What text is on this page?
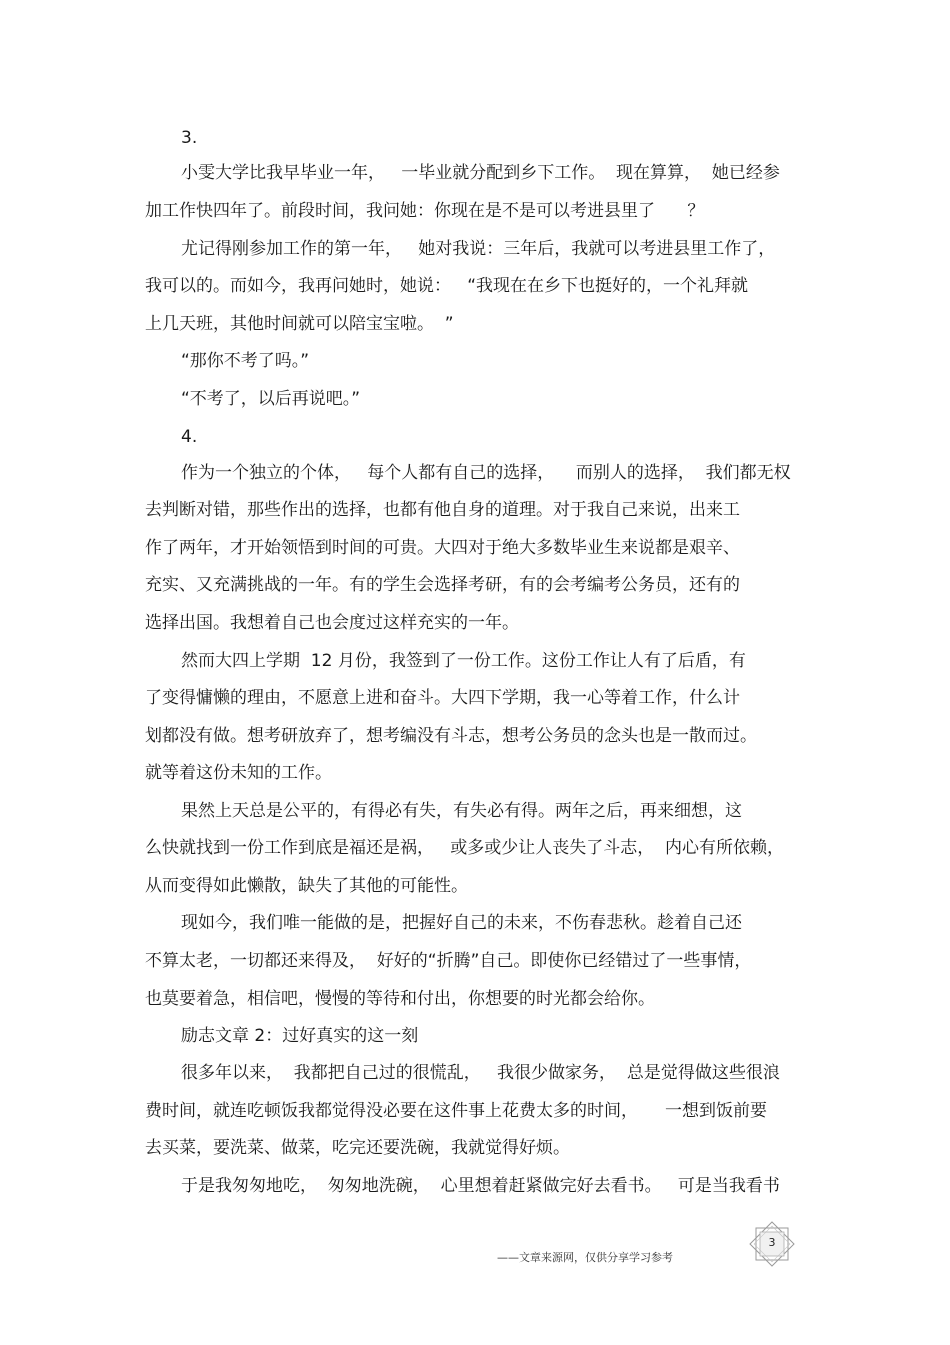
3.

小雯大学比我早毕业一年，   一毕业就分配到乡下工作。  现在算算，  她已经参

加工作快四年了。前段时间，我问她：你现在是不是可以考进县里了      ？

尤记得刚参加工作的第一年，   她对我说：三年后，我就可以考进县里工作了，

我可以的。而如今，我再问她时，她说：   “我现在在乡下也挺好的，一个礼拜就

上几天班，其他时间就可以陪宝宝啦。  ”

“那你不考了吗。”

“不考了，以后再说吧。”

4.

作为一个独立的个体，   每个人都有自己的选择，    而别人的选择，  我们都无权

去判断对错，那些作出的选择，也都有他自身的道理。对于我自己来说，出来工

作了两年，才开始领悟到时间的可贵。大四对于绝大多数毕业生来说都是艰辛、

充实、又充满挑战的一年。有的学生会选择考研，有的会考编考公务员，还有的

选择出国。我想着自己也会度过这样充实的一年。

然而大四上学期  12 月份，我签到了一份工作。这份工作让人有了后盾，有

了变得慵懒的理由，不愿意上进和奋斗。大四下学期，我一心等着工作，什么计

划都没有做。想考研放弃了，想考编没有斗志，想考公务员的念头也是一散而过。

就等着这份未知的工作。

果然上天总是公平的，有得必有失，有失必有得。两年之后，再来细想，这

么快就找到一份工作到底是福还是祸，   或多或少让人丧失了斗志，  内心有所依赖，

从而变得如此懒散，缺失了其他的可能性。

现如今，我们唯一能做的是，把握好自己的未来，不伤春悲秋。趁着自己还

不算太老，一切都还来得及，  好好的“折腾”自己。即使你已经错过了一些事情，

也莫要着急，相信吧，慢慢的等待和付出，你想要的时光都会给你。

励志文章 2：过好真实的这一刻

很多年以来，  我都把自己过的很慌乱，   我很少做家务，  总是觉得做这些很浪

费时间，就连吃顿饭我都觉得没必要在这件事上花费太多的时间，     一想到饭前要

去买菜，要洗菜、做菜，吃完还要洗碗，我就觉得好烦。

于是我匆匆地吃，  匆匆地洗碗，  心里想着赶紧做完好去看书。   可是当我看书

3
——文章来源网，仅供分享学习参考
